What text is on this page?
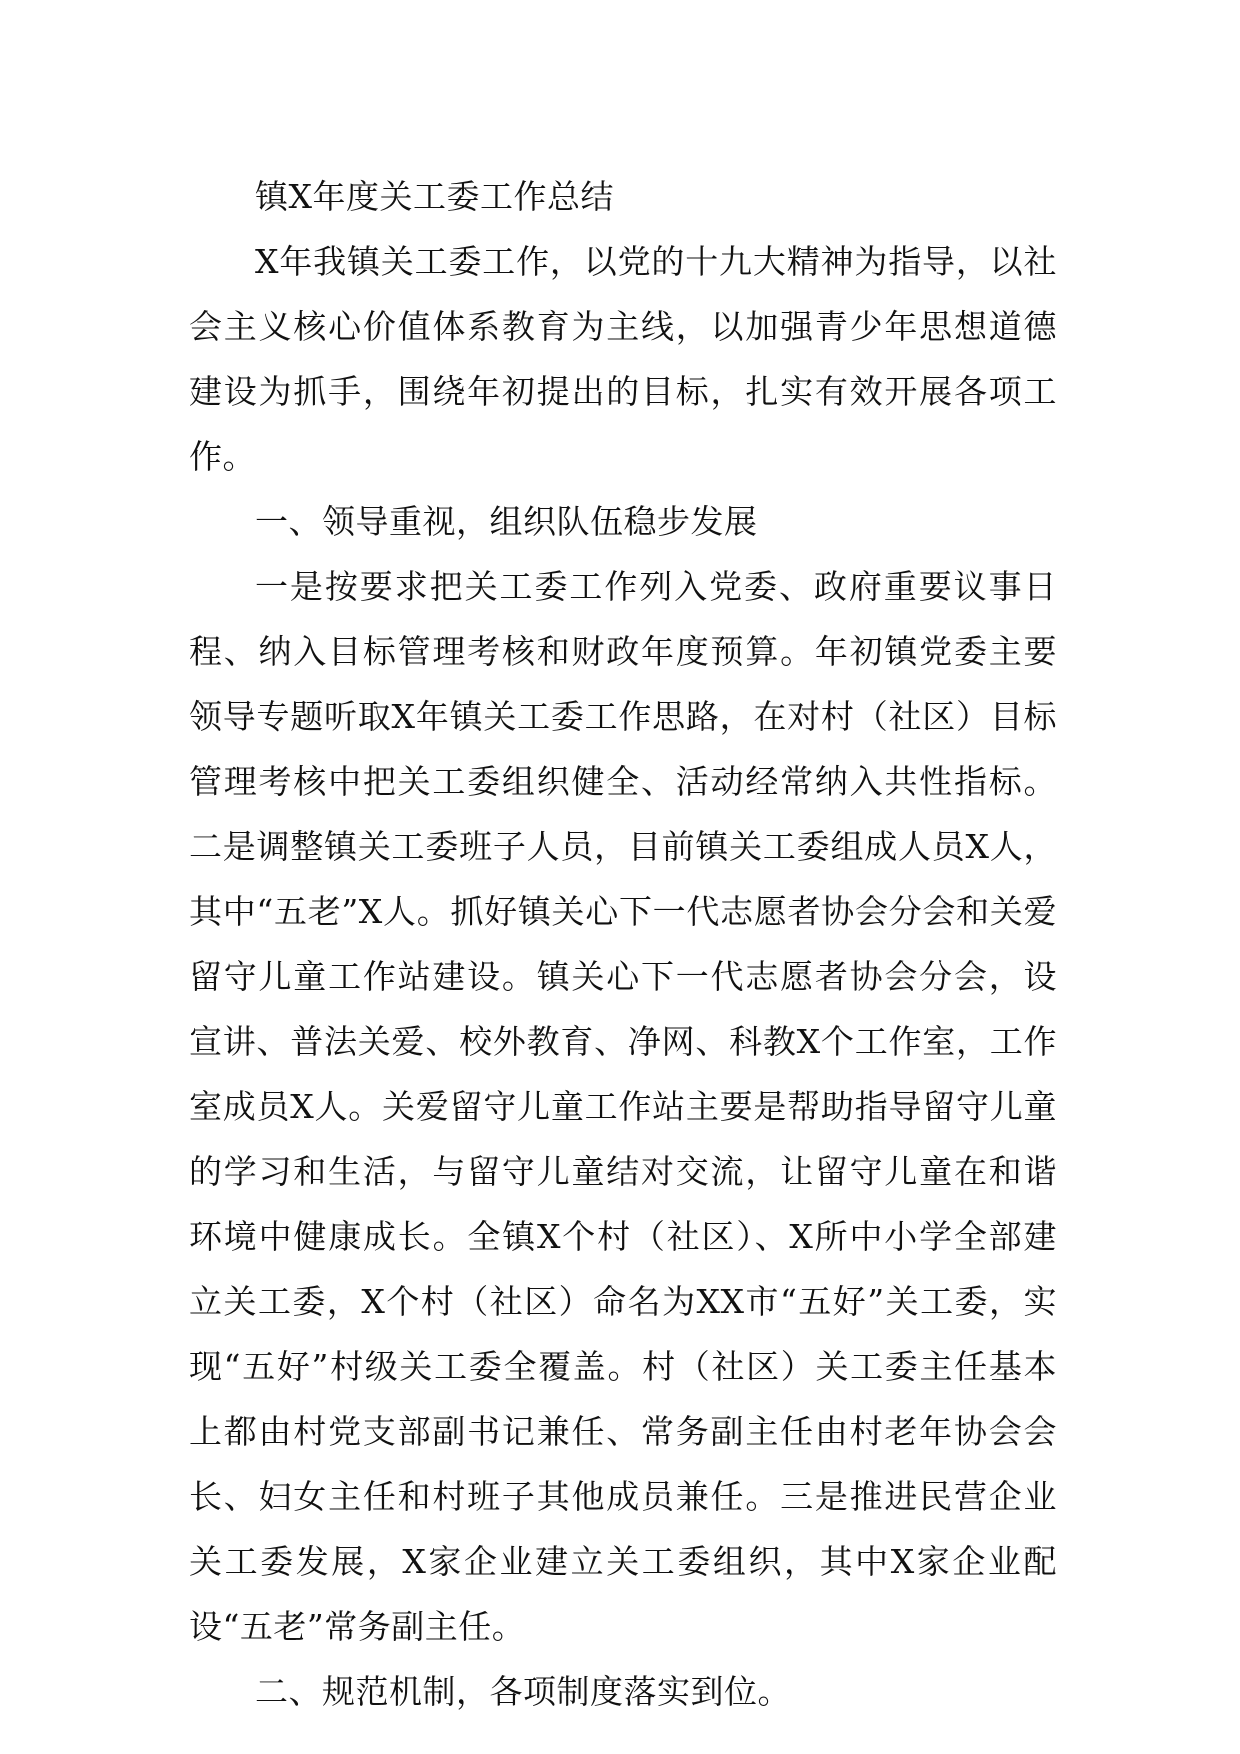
镇X年度关工委工作总结

X年我镇关工委工作，以党的十九大精神为指导，以社会主义核心价值体系教育为主线，以加强青少年思想道德建设为抓手，围绕年初提出的目标，扎实有效开展各项工作。

一、领导重视，组织队伍稳步发展

一是按要求把关工委工作列入党委、政府重要议事日程、纳入目标管理考核和财政年度预算。年初镇党委主要领导专题听取X年镇关工委工作思路，在对村（社区）目标管理考核中把关工委组织健全、活动经常纳入共性指标。二是调整镇关工委班子人员，目前镇关工委组成人员X人，其中“五老”X人。抓好镇关心下一代志愿者协会分会和关爱留守儿童工作站建设。镇关心下一代志愿者协会分会，设宣讲、普法关爱、校外教育、净网、科教X个工作室，工作室成员X人。关爱留守儿童工作站主要是帮助指导留守儿童的学习和生活，与留守儿童结对交流，让留守儿童在和谐环境中健康成长。全镇X个村（社区）、X所中小学全部建立关工委，X个村（社区）命名为XX市“五好”关工委，实现“五好”村级关工委全覆盖。村（社区）关工委主任基本上都由村党支部副书记兼任、常务副主任由村老年协会会长、妇女主任和村班子其他成员兼任。三是推进民营企业关工委发展，X家企业建立关工委组织，其中X家企业配设“五老”常务副主任。

二、规范机制，各项制度落实到位。
